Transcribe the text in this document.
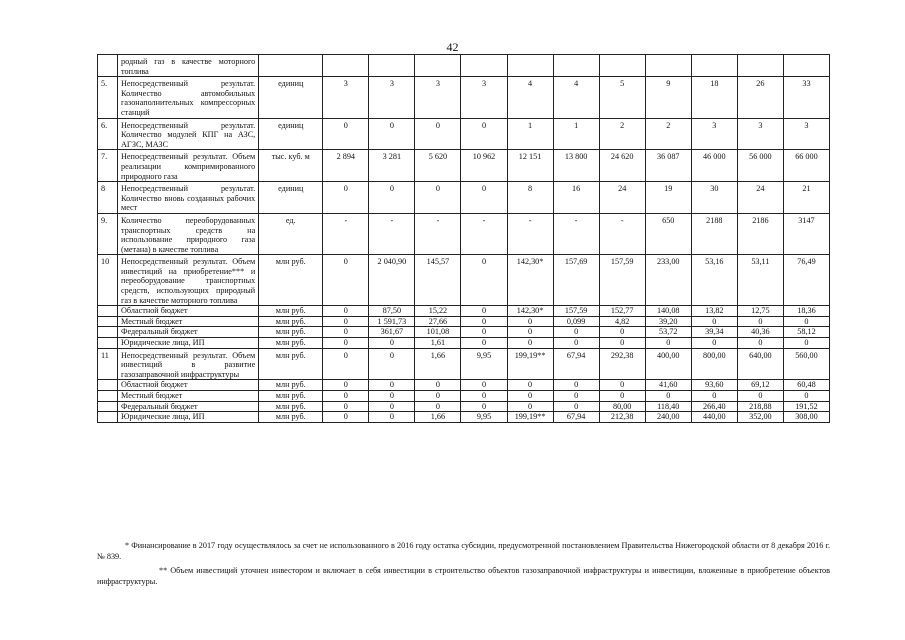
42
	родный газ в качестве моторного топлива												
5.	Непосредственный результат. Количество автомобильных газонаполнительных компрессорных станций	единиц	3	3	3	3	4	4	5	9	18	26	33
6.	Непосредственный результат. Количество модулей КПГ на АЗС, АГЗС, МАЗС	единиц	0	0	0	0	1	1	2	2	3	3	3
7.	Непосредственный результат. Объем реализации компримированного природного газа	тыс. куб. м	2 894	3 281	5 620	10 962	12 151	13 800	24 620	36 087	46 000	56 000	66 000
8	Непосредственный результат. Количество вновь созданных рабочих мест	единиц	0	0	0	0	8	16	24	19	30	24	21
9.	Количество переоборудованных транспортных средств на использование природного газа (метана) в качестве топлива	ед.	-	-	-	-	-	-	-	650	2188	2186	3147
10	Непосредственный результат. Объем инвестиций на приобретение*** и переоборудование транспортных средств, использующих природный газ в качестве моторного топлива	млн руб.	0	2 040,90	145,57	0	142,30*	157,69	157,59	233,00	53,16	53,11	76,49
	Областной бюджет	млн руб.	0	87,50	15,22	0	142,30*	157,59	152,77	140,08	13,82	12,75	18,36
	Местный бюджет	млн руб.	0	1 591,73	27,66	0	0	0,099	4,82	39,20	0	0	0
	Федеральный бюджет	млн руб.	0	361,67	101,08	0	0	0	0	53,72	39,34	40,36	58,12
	Юридические лица, ИП	млн руб.	0	0	1,61	0	0	0	0	0	0	0	0
11	Непосредственный результат. Объем инвестиций в развитие газозаправочной инфраструктуры	млн руб.	0	0	1,66	9,95	199,19**	67,94	292,38	400,00	800,00	640,00	560,00
	Областной бюджет	млн руб.	0	0	0	0	0	0	0	41,60	93,60	69,12	60,48
	Местный бюджет	млн руб.	0	0	0	0	0	0	0	0	0	0	0
	Федеральный бюджет	млн руб.	0	0	0	0	0	0	80,00	118,40	266,40	218,88	191,52
	Юридические лица, ИП	млн руб.	0	0	1,66	9,95	199,19**	67,94	212,38	240,00	440,00	352,00	308,00

* Финансирование в 2017 году осуществлялось за счет не использованного в 2016 году остатка субсидии, предусмотренной постановлением Правительства Нижегородской области от 8 декабря 2016 г. № 839.

** Объем инвестиций уточнен инвестором и включает в себя инвестиции в строительство объектов газозаправочной инфраструктуры и инвестиции, вложенные в приобретение объектов инфраструктуры.
